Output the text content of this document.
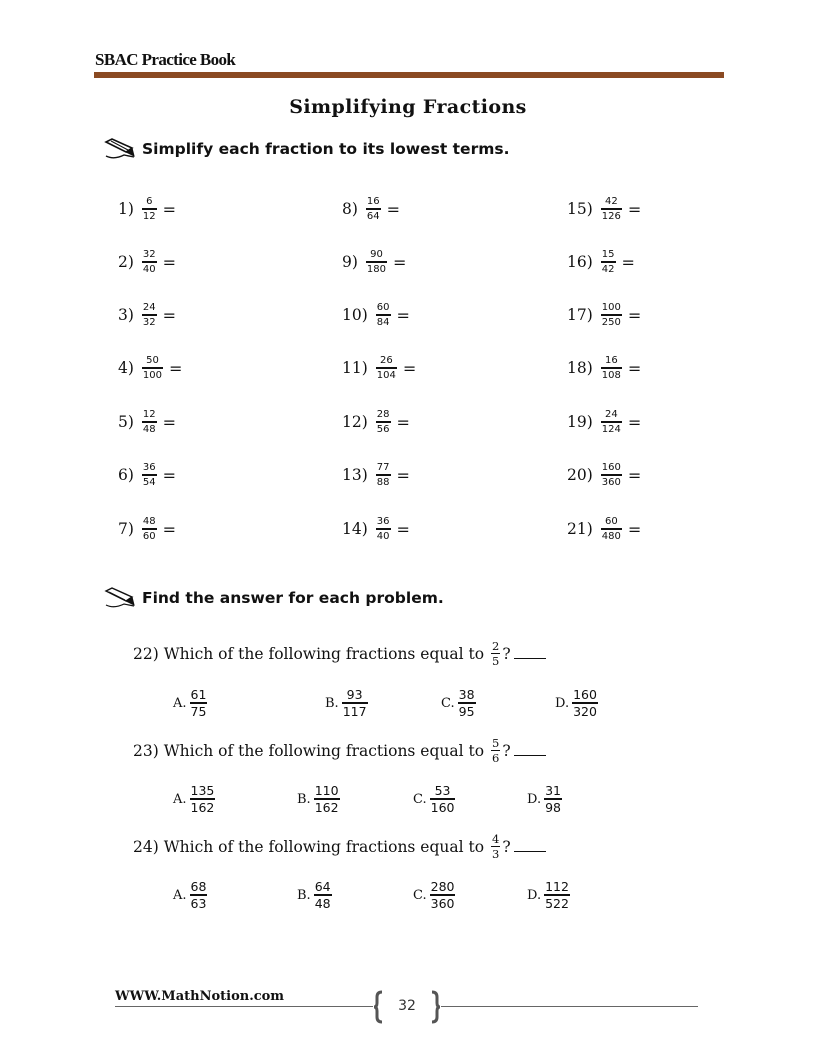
SBAC Practice Book
Simplifying Fractions
Simplify each fraction to its lowest terms.
$1) \frac{6}{12}$ =
$2) \frac{32}{40}$ =
$3) \frac{24}{32}$ =
$4) \frac{50}{100}$ =
$5) \frac{12}{48}$ =
$6) \frac{36}{54}$ =
$7) \frac{48}{60}$ =
$8) \frac{16}{64}$ =
$9) \frac{90}{180}$ =
$10) \frac{60}{84}$ =
$11) \frac{26}{104}$ =
$12) \frac{28}{56}$ =
$13) \frac{77}{88}$ =
$14) \frac{36}{40}$ =
$15) \frac{42}{126}$ =
$16) \frac{15}{42}$ =
$17) \frac{100}{250}$ =
$18) \frac{16}{108}$ =
$19) \frac{24}{124}$ =
$20) \frac{160}{360}$ =
$21) \frac{60}{480}$ =
Find the answer for each problem.
22)
Which of the following fractions equal to
$\frac{2}{5}$ ?
A. $\frac{61}{75}$	B. $\frac{93}{117}$	C. $\frac{38}{95}$	D. $\frac{160}{320}$
23)
Which of the following fractions equal to
$\frac{5}{6}$ ?
A. $\frac{135}{162}$	B. $\frac{110}{162}$	C. $\frac{53}{160}$	D. $\frac{31}{98}$
24)
Which of the following fractions equal to
$\frac{4}{3}$ ?
A. $\frac{68}{63}$	B. $\frac{64}{48}$	C. $\frac{280}{360}$	D. $\frac{112}{522}$
WWW.MathNotion.com
32
